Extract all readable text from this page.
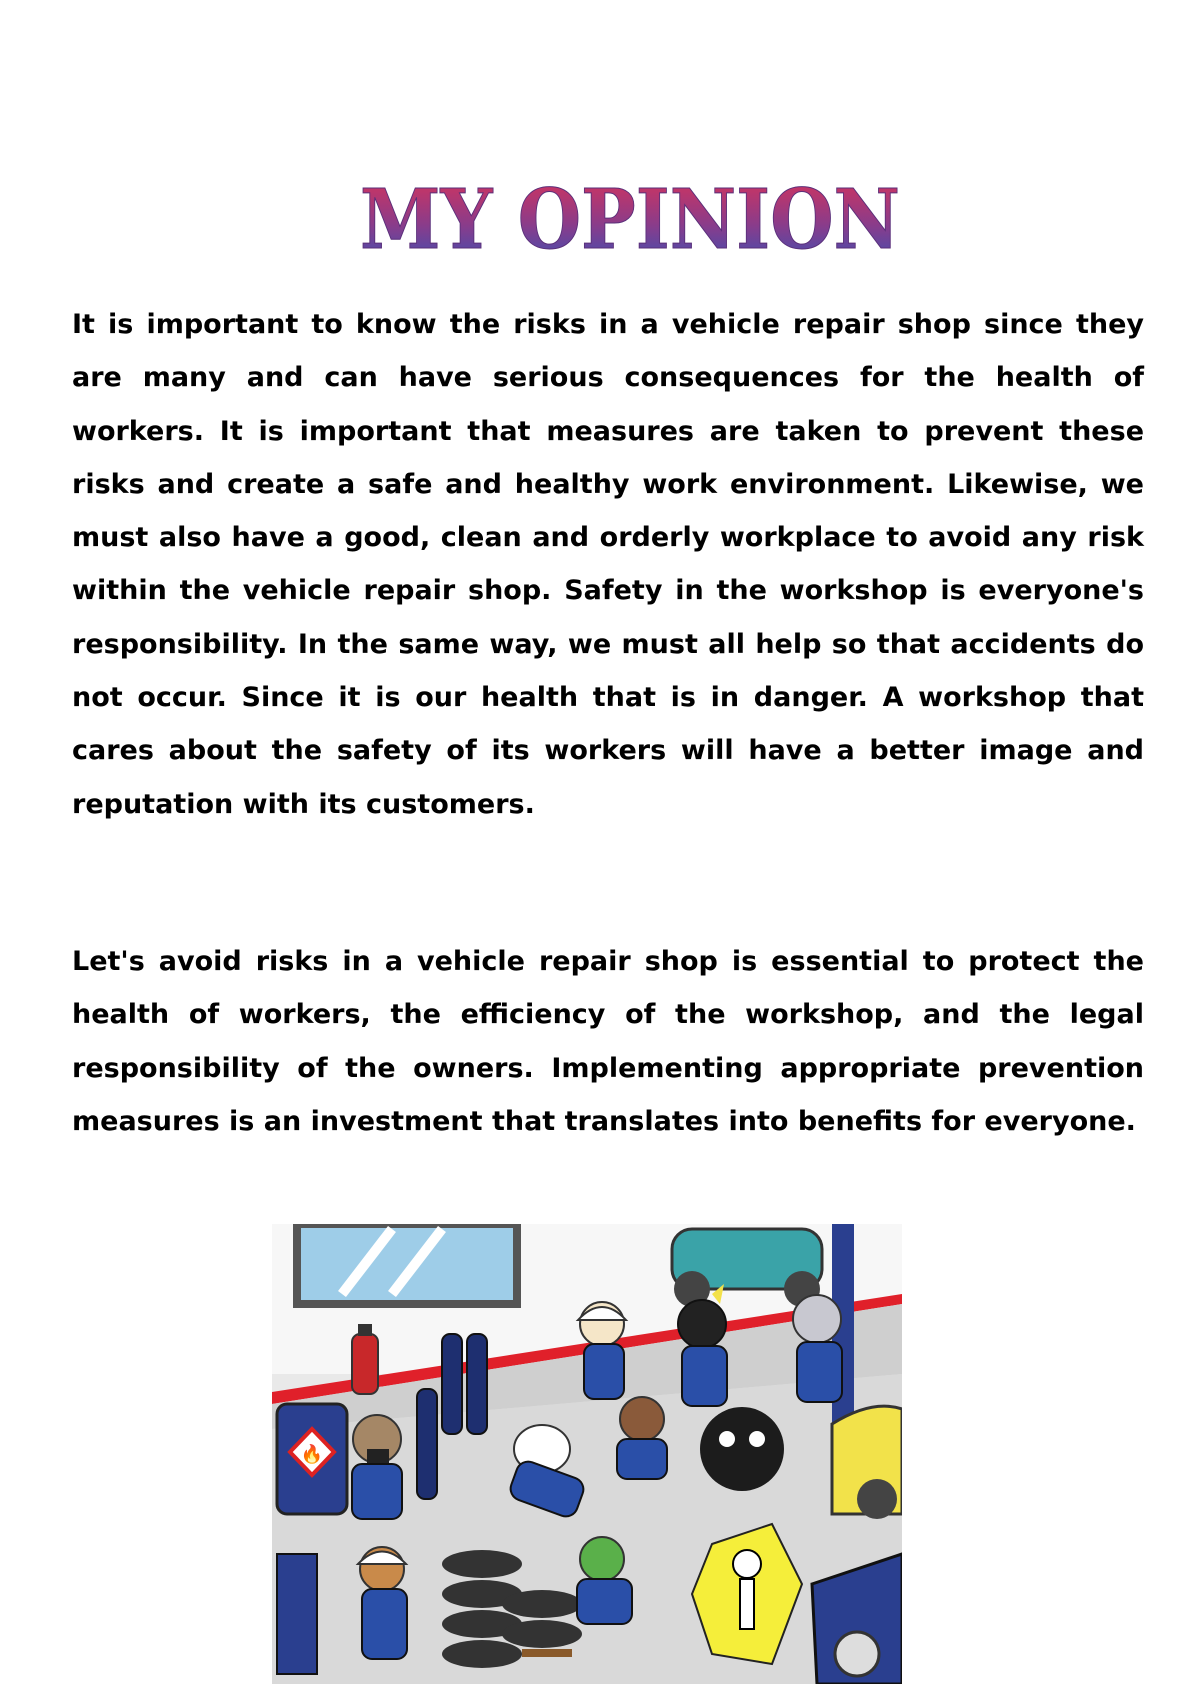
MY OPINION

It is important to know the risks in a vehicle repair shop since they are many and can have serious consequences for the health of workers. It is important that measures are taken to prevent these risks and create a safe and healthy work environment. Likewise, we must also have a good, clean and orderly workplace to avoid any risk within the vehicle repair shop. Safety in the workshop is everyone's responsibility. In the same way, we must all help so that accidents do not occur. Since it is our health that is in danger. A workshop that cares about the safety of its workers will have a better image and reputation with its customers.

Let's avoid risks in a vehicle repair shop is essential to protect the health of workers, the efficiency of the workshop, and the legal responsibility of the owners. Implementing appropriate prevention measures is an investment that translates into benefits for everyone.

🔥
